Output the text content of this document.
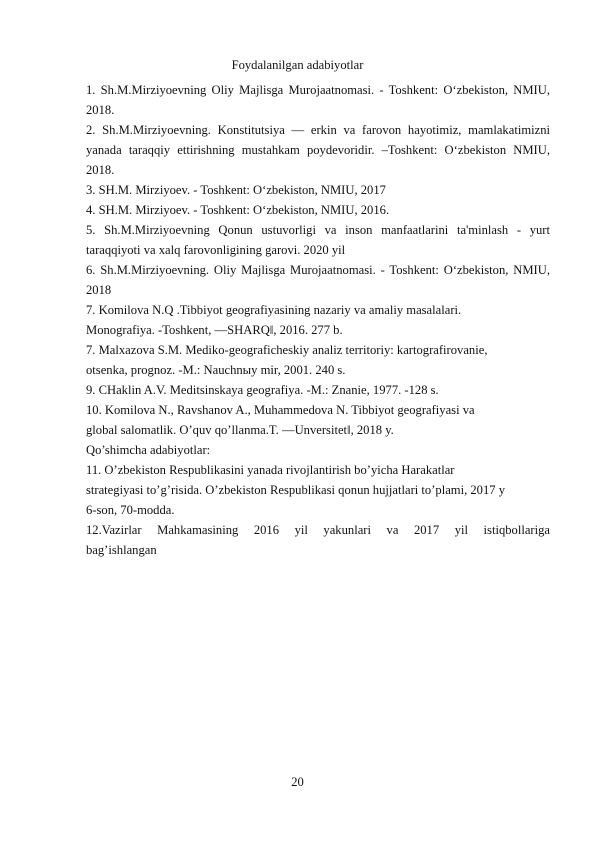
Foydalanilgan adabiyotlar

1. Sh.M.Mirziyoevning Oliy Majlisga Murojaatnomasi. - Toshkent: O‘zbekiston, NMIU, 2018.

2. Sh.M.Mirziyoevning. Konstitutsiya — erkin va farovon hayotimiz, mamlakatimizni yanada taraqqiy ettirishning mustahkam poydevoridir. –Toshkent: O‘zbekiston NMIU, 2018.

3. SH.M. Mirziyoev. - Toshkent: O‘zbekiston, NMIU, 2017

4. SH.M. Mirziyoev. - Toshkent: O‘zbekiston, NMIU, 2016.

5. Sh.M.Mirziyoevning Qonun ustuvorligi va inson manfaatlarini ta'minlash - yurt taraqqiyoti va xalq farovonligining garovi. 2020 yil

6. Sh.M.Mirziyoevning. Oliy Majlisga Murojaatnomasi. - Toshkent: O‘zbekiston, NMIU, 2018

7. Komilova N.Q .Tibbiyot geografiyasining nazariy va amaliy masalalari.

Monografiya. -Toshkent, ―SHARQ‖, 2016. 277 b.

7. Malxazova S.M. Mediko-geograficheskiy analiz territoriy: kartografirovanie,

otsenka, prognoz. -M.: Nauchnыy mir, 2001. 240 s.

9. CHaklin A.V. Meditsinskaya geografiya. -M.: Znanie, 1977. -128 s.

10. Komilova N., Ravshanov A., Muhammedova N. Tibbiyot geografiyasi va

global salomatlik. O’quv qo’llanma.T. ―Unversitet‖, 2018 y.

Qo’shimcha adabiyotlar:

11. O’zbekiston Respublikasini yanada rivojlantirish bo’yicha Harakatlar

strategiyasi to’g’risida. O’zbekiston Respublikasi qonun hujjatlari to’plami, 2017 y

6-son, 70-modda.

12.Vazirlar Mahkamasining 2016 yil yakunlari va 2017 yil istiqbollariga

bag’ishlangan

20
